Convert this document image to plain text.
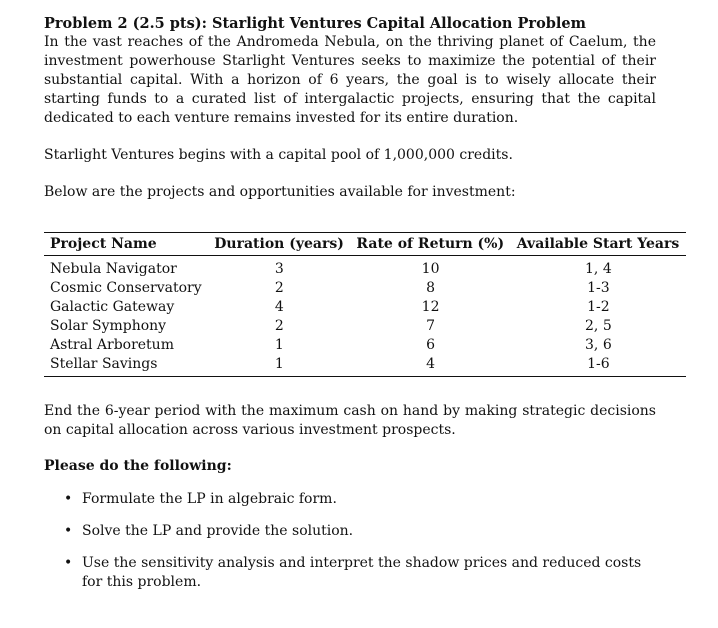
Problem 2 (2.5 pts): Starlight Ventures Capital Allocation Problem
In the vast reaches of the Andromeda Nebula, on the thriving planet of Caelum, the investment powerhouse Starlight Ventures seeks to maximize the potential of their substantial capital. With a horizon of 6 years, the goal is to wisely allocate their starting funds to a curated list of intergalactic projects, ensuring that the capital dedicated to each venture remains invested for its entire duration.
Starlight Ventures begins with a capital pool of 1,000,000 credits.
Below are the projects and opportunities available for investment:
Project Name	Duration (years)	Rate of Return (%)	Available Start Years
Nebula Navigator	3	10	1, 4
Cosmic Conservatory	2	8	1-3
Galactic Gateway	4	12	1-2
Solar Symphony	2	7	2, 5
Astral Arboretum	1	6	3, 6
Stellar Savings	1	4	1-6
End the 6-year period with the maximum cash on hand by making strategic decisions on capital allocation across various investment prospects.
Please do the following:
• Formulate the LP in algebraic form.
• Solve the LP and provide the solution.
• Use the sensitivity analysis and interpret the shadow prices and reduced costs for this problem.
